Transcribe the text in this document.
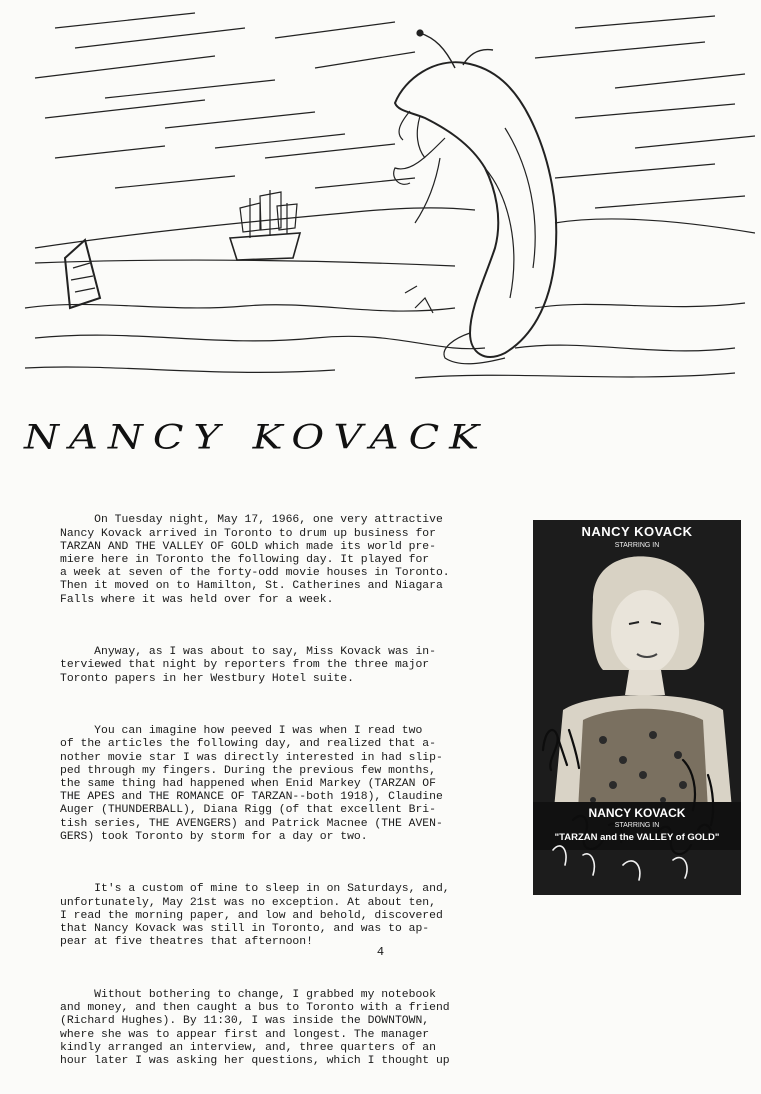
NANCY KOVACK

On Tuesday night, May 17, 1966, one very attractive
Nancy Kovack arrived in Toronto to drum up business for
TARZAN AND THE VALLEY OF GOLD which made its world pre-
miere here in Toronto the following day. It played for
a week at seven of the forty-odd movie houses in Toronto.
Then it moved on to Hamilton, St. Catherines and Niagara
Falls where it was held over for a week.

Anyway, as I was about to say, Miss Kovack was in-
terviewed that night by reporters from the three major
Toronto papers in her Westbury Hotel suite.

You can imagine how peeved I was when I read two
of the articles the following day, and realized that a-
nother movie star I was directly interested in had slip-
ped through my fingers. During the previous few months,
the same thing had happened when Enid Markey (TARZAN OF
THE APES and THE ROMANCE OF TARZAN--both 1918), Claudine
Auger (THUNDERBALL), Diana Rigg (of that excellent Bri-
tish series, THE AVENGERS) and Patrick Macnee (THE AVEN-
GERS) took Toronto by storm for a day or two.

It's a custom of mine to sleep in on Saturdays, and,
unfortunately, May 21st was no exception. At about ten,
I read the morning paper, and low and behold, discovered
that Nancy Kovack was still in Toronto, and was to ap-
pear at five theatres that afternoon!

Without bothering to change, I grabbed my notebook
and money, and then caught a bus to Toronto with a friend
(Richard Hughes). By 11:30, I was inside the DOWNTOWN,
where she was to appear first and longest. The manager
kindly arranged an interview, and, three quarters of an
hour later I was asking her questions, which I thought up

NANCY KOVACK
STARRING IN
NANCY KOVACK
STARRING IN
"TARZAN and the VALLEY of GOLD"
4
